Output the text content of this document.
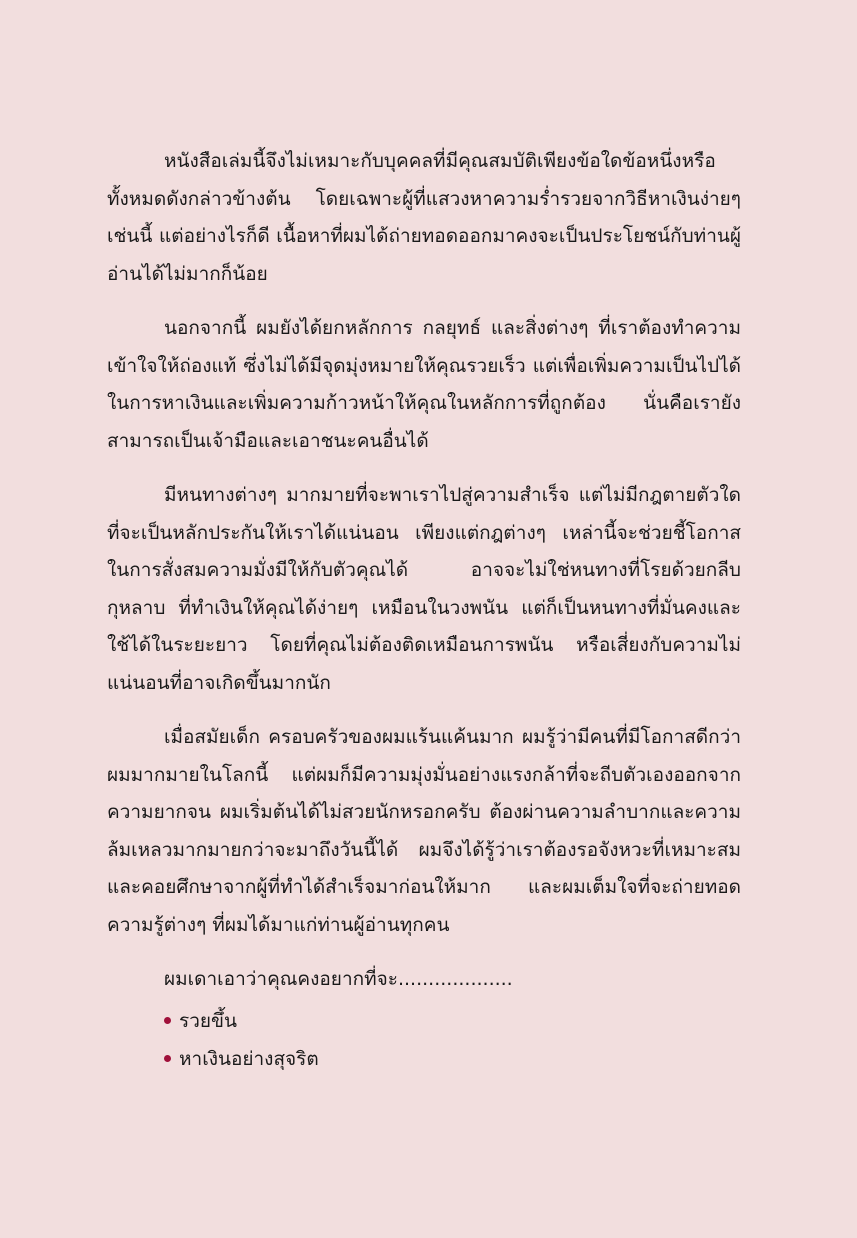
หนังสือเล่มนี้จึงไม่เหมาะกับบุคคลที่มีคุณสมบัติเพียงข้อใดข้อหนึ่งหรือทั้งหมดดังกล่าวข้างต้น โดยเฉพาะผู้ที่แสวงหาความร่ำรวยจากวิธีหาเงินง่ายๆ เช่นนี้ แต่อย่างไรก็ดี เนื้อหาที่ผมได้ถ่ายทอดออกมาคงจะเป็นประโยชน์กับท่านผู้อ่านได้ไม่มากก็น้อย

นอกจากนี้ ผมยังได้ยกหลักการ กลยุทธ์ และสิ่งต่างๆ ที่เราต้องทำความเข้าใจให้ถ่องแท้ ซึ่งไม่ได้มีจุดมุ่งหมายให้คุณรวยเร็ว แต่เพื่อเพิ่มความเป็นไปได้ในการหาเงินและเพิ่มความก้าวหน้าให้คุณในหลักการที่ถูกต้อง นั่นคือเรายังสามารถเป็นเจ้ามือและเอาชนะคนอื่นได้

มีหนทางต่างๆ มากมายที่จะพาเราไปสู่ความสำเร็จ แต่ไม่มีกฎตายตัวใดที่จะเป็นหลักประกันให้เราได้แน่นอน เพียงแต่กฎต่างๆ เหล่านี้จะช่วยชี้โอกาส ในการสั่งสมความมั่งมีให้กับตัวคุณได้ อาจจะไม่ใช่หนทางที่โรยด้วยกลีบกุหลาบ ที่ทำเงินให้คุณได้ง่ายๆ เหมือนในวงพนัน แต่ก็เป็นหนทางที่มั่นคงและใช้ได้ในระยะยาว โดยที่คุณไม่ต้องติดเหมือนการพนัน หรือเสี่ยงกับความไม่แน่นอนที่อาจเกิดขึ้นมากนัก

เมื่อสมัยเด็ก ครอบครัวของผมแร้นแค้นมาก ผมรู้ว่ามีคนที่มีโอกาสดีกว่าผมมากมายในโลกนี้ แต่ผมก็มีความมุ่งมั่นอย่างแรงกล้าที่จะถีบตัวเองออกจากความยากจน ผมเริ่มต้นได้ไม่สวยนักหรอกครับ ต้องผ่านความลำบากและความล้มเหลวมากมายกว่าจะมาถึงวันนี้ได้ ผมจึงได้รู้ว่าเราต้องรอจังหวะที่เหมาะสมและคอยศึกษาจากผู้ที่ทำได้สำเร็จมาก่อนให้มาก และผมเต็มใจที่จะถ่ายทอดความรู้ต่างๆ ที่ผมได้มาแก่ท่านผู้อ่านทุกคน

ผมเดาเอาว่าคุณคงอยากที่จะ...................

รวยขึ้น
หาเงินอย่างสุจริต
